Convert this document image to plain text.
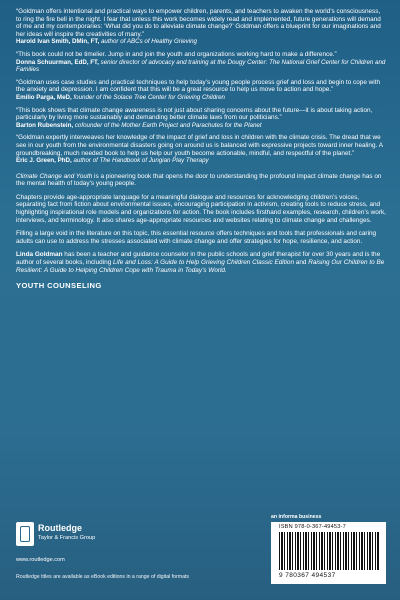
“Goldman offers intentional and practical ways to empower children, parents, and teachers to awaken the world’s consciousness, to ring the fire bell in the night. I fear that unless this work becomes widely read and implemented, future generations will demand of me and my contemporaries: ‘What did you do to alleviate climate change?’ Goldman offers a blueprint for our imaginations and her ideas will inspire the creativities of many.”

Harold Ivan Smith, DMin, FT, author of ABCs of Healthy Grieving

“This book could not be timelier. Jump in and join the youth and organizations working hard to make a difference.”

Donna Schuurman, EdD, FT, senior director of advocacy and training at the Dougy Center: The National Grief Center for Children and Families

“Goldman uses case studies and practical techniques to help today’s young people process grief and loss and begin to cope with the anxiety and depression. I am confident that this will be a great resource to help us move to action and hope.”

Emilio Parga, MeD, founder of the Solace Tree Center for Grieving Children

“This book shows that climate change awareness is not just about sharing concerns about the future—it is about taking action, particularly by living more sustainably and demanding better climate laws from our politicians.”

Barton Rubenstein, cofounder of the Mother Earth Project and Parachutes for the Planet

“Goldman expertly interweaves her knowledge of the impact of grief and loss in children with the climate crisis. The dread that we see in our youth from the environmental disasters going on around us is balanced with expressive projects toward inner healing. A groundbreaking, much needed book to help us help our youth become actionable, mindful, and respectful of the planet.”

Eric J. Green, PhD, author of The Handbook of Jungian Play Therapy

Climate Change and Youth is a pioneering book that opens the door to understanding the profound impact climate change has on the mental health of today’s young people.

Chapters provide age-appropriate language for a meaningful dialogue and resources for acknowledging children’s voices, separating fact from fiction about environmental issues, encouraging participation in activism, creating tools to reduce stress, and highlighting inspirational role models and organizations for action. The book includes firsthand examples, research, children’s work, interviews, and terminology. It also shares age-appropriate resources and websites relating to climate change and challenges.

Filling a large void in the literature on this topic, this essential resource offers techniques and tools that professionals and caring adults can use to address the stresses associated with climate change and offer strategies for hope, resilience, and action.

Linda Goldman has been a teacher and guidance counselor in the public schools and grief therapist for over 30 years and is the author of several books, including Life and Loss: A Guide to Help Grieving Children Classic Edition and Raising Our Children to Be Resilient: A Guide to Helping Children Cope with Trauma in Today’s World.

YOUTH COUNSELING
Routledge
Taylor & Francis Group
www.routledge.com
Routledge titles are available as eBook editions in a range of digital formats
an informa business
ISBN 978-0-367-49453-7
9 780367 494537
